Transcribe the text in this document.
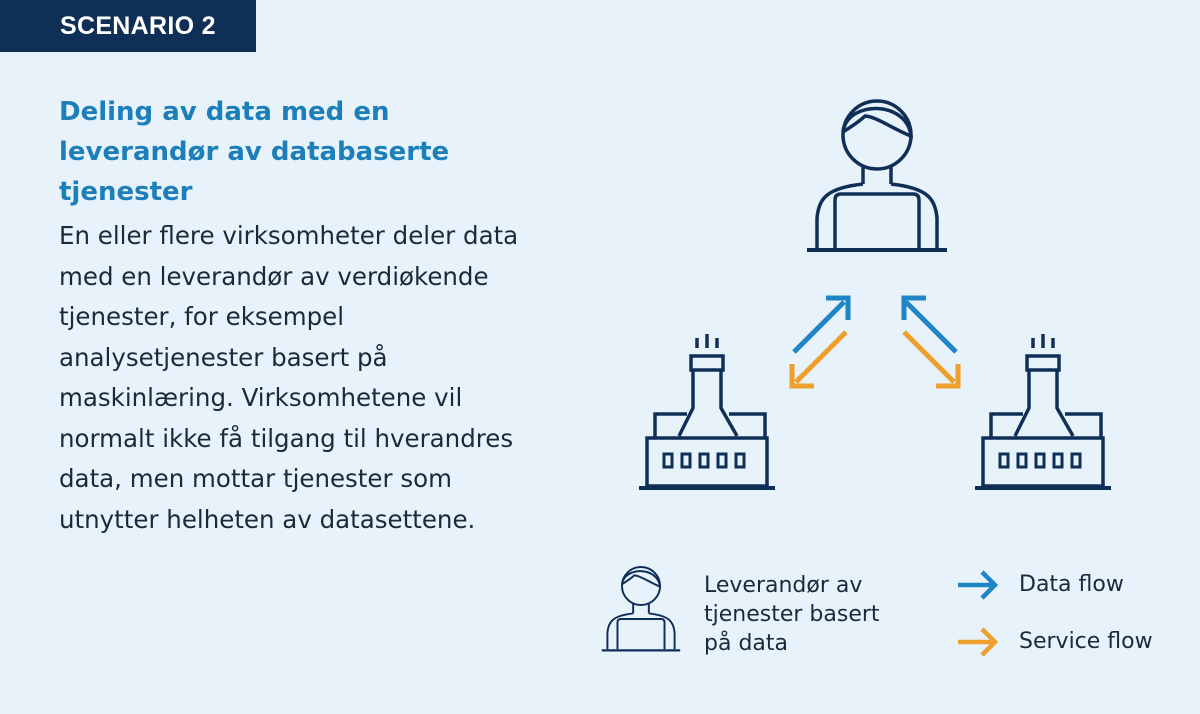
SCENARIO 2
Deling av data med en leverandør av databaserte tjenester

En eller flere virksomheter deler data med en leverandør av verdiøkende tjenester, for eksempel analysetjenester basert på maskinlæring. Virksomhetene vil normalt ikke få tilgang til hverandres data, men mottar tjenester som utnytter helheten av datasettene.

Leverandør av tjenester basert på data
Data flow
Service flow
